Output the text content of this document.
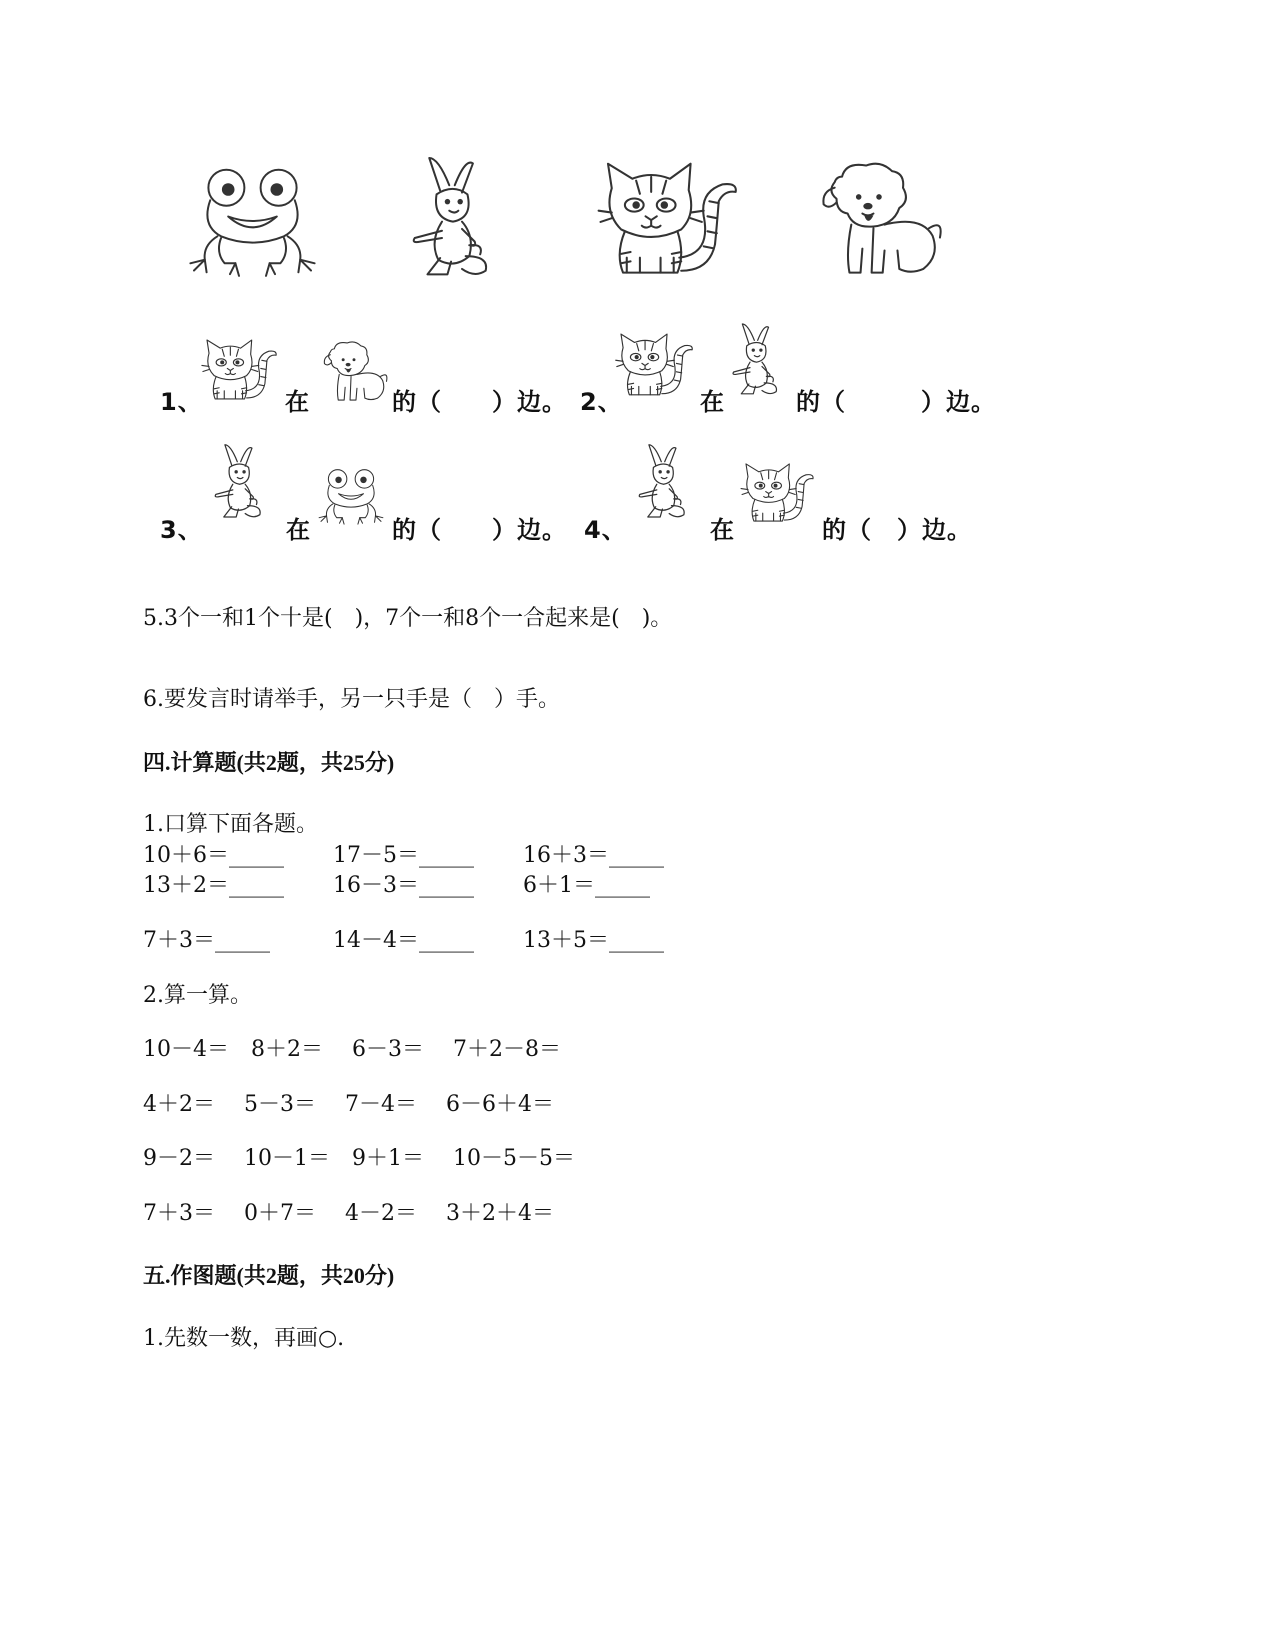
1、	在	的（　　）边。 2、	在	的（　　　）边。
3、	在	的（　　）边。 4、	在	的（　）边。
5.3个一和1个十是(　)，7个一和8个一合起来是(　)。
6.要发言时请举手，另一只手是（　）手。
四.计算题(共2题，共25分)
1.口算下面各题。
10＋6＝_____ 17－5＝_____ 16＋3＝_____
13＋2＝_____ 16－3＝_____ 6＋1＝_____
7＋3＝_____	14－4＝_____ 13＋5＝_____
2.算一算。
10－4＝　8＋2＝　 6－3＝　 7＋2－8＝
4＋2＝　 5－3＝　 7－4＝　 6－6＋4＝
9－2＝　 10－1＝　9＋1＝　 10－5－5＝
7＋3＝　 0＋7＝　 4－2＝　 3＋2＋4＝
五.作图题(共2题，共20分)
1.先数一数，再画○.
